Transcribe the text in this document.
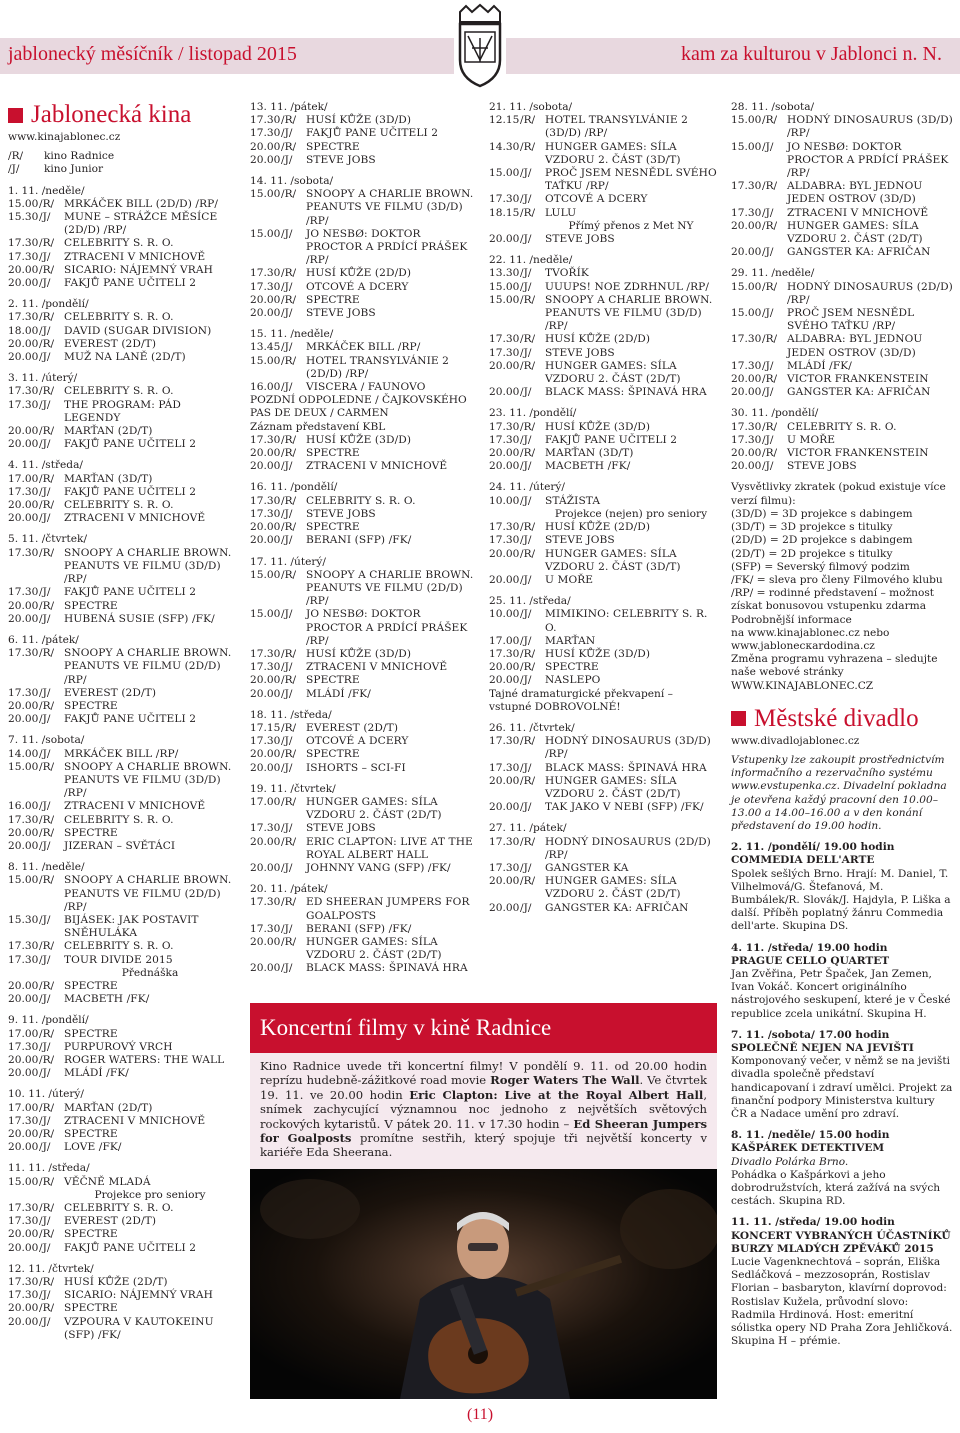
jablonecký měsíčník / listopad 2015	kam za kulturou v Jablonci n. N.
Jablonecká kina
www.kinajablonec.cz
/R/	kino Radnice
/J/	kino Junior
1. 11. /neděle/
15.00 /R/ MRKÁČEK BILL (2D/D) /RP/
15.30 /J/	MUNE – STRÁŽCE MĚSÍCE (2D/D) /RP/
17.30 /R/ CELEBRITY S. R. O.
17.30 /J/	ZTRACENI V MNICHOVĚ
20.00 /R/ SICARIO: NÁJEMNÝ VRAH
20.00 /J/	FAKJŮ PANE UČITELI 2
2. 11. /pondělí/
17.30 /R/ CELEBRITY S. R. O.
18.00 /J/	DAVID (SUGAR DIVISION)
20.00 /R/ EVEREST (2D/T)
20.00 /J/	MUŽ NA LANĚ (2D/T)
3. 11. /úterý/
17.30 /R/ CELEBRITY S. R. O.
17.30 /J/	THE PROGRAM: PÁD LEGENDY
20.00 /R/ MARŤAN (2D/T)
20.00 /J/	FAKJŮ PANE UČITELI 2
4. 11. /středa/
17.00 /R/ MARŤAN (3D/T)
17.30 /J/	FAKJŮ PANE UČITELI 2
20.00 /R/ CELEBRITY S. R. O.
20.00 /J/	ZTRACENI V MNICHOVĚ
5. 11. /čtvrtek/
17.30 /R/ SNOOPY A CHARLIE BROWN. PEANUTS VE FILMU (3D/D) /RP/
17.30 /J/	FAKJŮ PANE UČITELI 2
20.00 /R/ SPECTRE
20.00 /J/	HUBENÁ SUSIE (SFP) /FK/
6. 11. /pátek/
17.30 /R/ SNOOPY A CHARLIE BROWN. PEANUTS VE FILMU (2D/D) /RP/
17.30 /J/	EVEREST (2D/T)
20.00 /R/ SPECTRE
20.00 /J/	FAKJŮ PANE UČITELI 2
7. 11. /sobota/
14.00 /J/	MRKÁČEK BILL /RP/
15.00 /R/ SNOOPY A CHARLIE BROWN. PEANUTS VE FILMU (3D/D) /RP/
16.00 /J/	ZTRACENI V MNICHOVĚ
17.30 /R/ CELEBRITY S. R. O.
20.00 /R/ SPECTRE
20.00 /J/	JIZERAN – SVĚTÁCI
8. 11. /neděle/
15.00 /R/ SNOOPY A CHARLIE BROWN. PEANUTS VE FILMU (2D/D) /RP/
15.30 /J/	BIJÁSEK: JAK POSTAVIT SNĚHULÁKA
17.30 /R/ CELEBRITY S. R. O.
17.30 /J/	TOUR DIVIDE 2015
Přednáška
20.00 /R/ SPECTRE
20.00 /J/	MACBETH /FK/
9. 11. /pondělí/
17.00 /R/ SPECTRE
17.30 /J/	PURPUROVÝ VRCH
20.00 /R/ ROGER WATERS: THE WALL
20.00 /J/	MLÁDÍ /FK/
10. 11. /úterý/
17.00 /R/ MARŤAN (2D/T)
17.30 /J/	ZTRACENI V MNICHOVĚ
20.00 /R/ SPECTRE
20.00 /J/	LOVE /FK/
11. 11. /středa/
15.00 /R/ VĚČNĚ MLADÁ
Projekce pro seniory
17.30 /R/ CELEBRITY S. R. O.
17.30 /J/	EVEREST (2D/T)
20.00 /R/ SPECTRE
20.00 /J/	FAKJŮ PANE UČITELI 2
12. 11. /čtvrtek/
17.30 /R/ HUSÍ KŮŽE (2D/T)
17.30 /J/	SICARIO: NÁJEMNÝ VRAH
20.00 /R/ SPECTRE
20.00 /J/	VZPOURA V KAUTOKEINU (SFP) /FK/
13. 11. /pátek/
17.30 /R/ HUSÍ KŮŽE (3D/D)
17.30 /J/	FAKJŮ PANE UČITELI 2
20.00 /R/ SPECTRE
20.00 /J/	STEVE JOBS
14. 11. /sobota/
15.00 /R/ SNOOPY A CHARLIE BROWN. PEANUTS VE FILMU (3D/D) /RP/
15.00 /J/	JO NESBØ: DOKTOR PROCTOR A PRDÍCÍ PRÁŠEK /RP/
17.30 /R/ HUSÍ KŮŽE (2D/D)
17.30 /J/	OTCOVÉ A DCERY
20.00 /R/ SPECTRE
20.00 /J/	STEVE JOBS
15. 11. /neděle/
13.45 /J/	MRKÁČEK BILL /RP/
15.00 /R/ HOTEL TRANSYLVÁNIE 2 (2D/D) /RP/
16.00 /J/	VISCERA / FAUNOVO
POZDNÍ ODPOLEDNE / ČAJKOVSKÉHO PAS DE DEUX / CARMEN
Záznam představení KBL
17.30 /R/ HUSÍ KŮŽE (3D/D)
20.00 /R/ SPECTRE
20.00 /J/	ZTRACENI V MNICHOVĚ
16. 11. /pondělí/
17.30 /R/ CELEBRITY S. R. O.
17.30 /J/	STEVE JOBS
20.00 /R/ SPECTRE
20.00 /J/	BERANI (SFP) /FK/
17. 11. /úterý/
15.00 /R/ SNOOPY A CHARLIE BROWN. PEANUTS VE FILMU (2D/D) /RP/
15.00 /J/	JO NESBØ: DOKTOR PROCTOR A PRDÍCÍ PRÁŠEK /RP/
17.30 /R/ HUSÍ KŮŽE (3D/D)
17.30 /J/	ZTRACENI V MNICHOVĚ
20.00 /R/ SPECTRE
20.00 /J/	MLÁDÍ /FK/
18. 11. /středa/
17.15 /R/ EVEREST (2D/T)
17.30 /J/	OTCOVÉ A DCERY
20.00 /R/ SPECTRE
20.00 /J/	ISHORTS – SCI-FI
19. 11. /čtvrtek/
17.00 /R/ HUNGER GAMES: SÍLA VZDORU 2. ČÁST (2D/T)
17.30 /J/	STEVE JOBS
20.00 /R/ ERIC CLAPTON: LIVE AT THE ROYAL ALBERT HALL
20.00 /J/	JOHNNY VANG (SFP) /FK/
20. 11. /pátek/
17.30 /R/ ED SHEERAN JUMPERS FOR GOALPOSTS
17.30 /J/	BERANI (SFP) /FK/
20.00 /R/ HUNGER GAMES: SÍLA VZDORU 2. ČÁST (2D/T)
20.00 /J/	BLACK MASS: ŠPINAVÁ HRA
21. 11. /sobota/
12.15 /R/ HOTEL TRANSYLVÁNIE 2 (3D/D) /RP/
14.30 /R/ HUNGER GAMES: SÍLA VZDORU 2. ČÁST (3D/T)
15.00 /J/	PROČ JSEM NESNĚDL SVÉHO TAŤKU /RP/
17.30 /J/	OTCOVÉ A DCERY
18.15 /R/ LULU
Přímý přenos z Met NY
20.00 /J/	STEVE JOBS
22. 11. /neděle/
13.30 /J/	TVOŘÍK
15.00 /J/	UUUPS! NOE ZDRHNUL /RP/
15.00 /R/ SNOOPY A CHARLIE BROWN. PEANUTS VE FILMU (3D/D) /RP/
17.30 /R/ HUSÍ KŮŽE (2D/D)
17.30 /J/	STEVE JOBS
20.00 /R/ HUNGER GAMES: SÍLA VZDORU 2. ČÁST (2D/T)
20.00 /J/	BLACK MASS: ŠPINAVÁ HRA
23. 11. /pondělí/
17.30 /R/ HUSÍ KŮŽE (3D/D)
17.30 /J/	FAKJŮ PANE UČITELI 2
20.00 /R/ MARŤAN (3D/T)
20.00 /J/	MACBETH /FK/
24. 11. /úterý/
10.00 /J/	STÁŽISTA
Projekce (nejen) pro seniory
17.30 /R/ HUSÍ KŮŽE (2D/D)
17.30 /J/	STEVE JOBS
20.00 /R/ HUNGER GAMES: SÍLA VZDORU 2. ČÁST (3D/T)
20.00 /J/	U MOŘE
25. 11. /středa/
10.00 /J/	MIMIKINO: CELEBRITY S. R. O.
17.00 /J/	MARŤAN
17.30 /R/ HUSÍ KŮŽE (3D/D)
20.00 /R/ SPECTRE
20.00 /J/	NASLEPO
Tajné dramaturgické překvapení – vstupné DOBROVOLNÉ!
26. 11. /čtvrtek/
17.30 /R/ HODNÝ DINOSAURUS (3D/D) /RP/
17.30 /J/	BLACK MASS: ŠPINAVÁ HRA
20.00 /R/ HUNGER GAMES: SÍLA VZDORU 2. ČÁST (2D/T)
20.00 /J/	TAK JAKO V NEBI (SFP) /FK/
27. 11. /pátek/
17.30 /R/ HODNÝ DINOSAURUS (2D/D) /RP/
17.30 /J/	GANGSTER KA
20.00 /R/ HUNGER GAMES: SÍLA VZDORU 2. ČÁST (2D/T)
20.00 /J/	GANGSTER KA: AFRIČAN
28. 11. /sobota/
15.00 /R/ HODNÝ DINOSAURUS (3D/D) /RP/
15.00 /J/	JO NESBØ: DOKTOR PROCTOR A PRDÍCÍ PRÁŠEK /RP/
17.30 /R/ ALDABRA: BYL JEDNOU JEDEN OSTROV (3D/D)
17.30 /J/	ZTRACENI V MNICHOVĚ
20.00 /R/ HUNGER GAMES: SÍLA VZDORU 2. ČÁST (2D/T)
20.00 /J/	GANGSTER KA: AFRIČAN
29. 11. /neděle/
15.00 /R/ HODNÝ DINOSAURUS (2D/D) /RP/
15.00 /J/	PROČ JSEM NESNĚDL SVÉHO TAŤKU /RP/
17.30 /R/ ALDABRA: BYL JEDNOU JEDEN OSTROV (3D/D)
17.30 /J/	MLÁDÍ /FK/
20.00 /R/ VICTOR FRANKENSTEIN
20.00 /J/	GANGSTER KA: AFRIČAN
30. 11. /pondělí/
17.30 /R/ CELEBRITY S. R. O.
17.30 /J/	U MOŘE
20.00 /R/ VICTOR FRANKENSTEIN
20.00 /J/	STEVE JOBS
Vysvětlivky zkratek (pokud existuje více verzí filmu):
(3D/D) = 3D projekce s dabingem
(3D/T) = 3D projekce s titulky
(2D/D) = 2D projekce s dabingem
(2D/T) = 2D projekce s titulky
(SFP) = Severský filmový podzim
/FK/ = sleva pro členy Filmového klubu
/RP/ = rodinné představení – možnost získat bonusovou vstupenku zdarma
Podrobnější informace
na www.kinajablonec.cz nebo
www.jablonecкardodina.cz
Změna programu vyhrazena – sledujte naše webové stránky
WWW.KINAJABLONEC.CZ
Městské divadlo
www.divadlojablonec.cz
Vstupenky lze zakoupit prostřednictvím informačního a rezervačního systému www.evstupenka.cz. Divadelní pokladna je otevřena každý pracovní den 10.00–13.00 a 14.00–16.00 a v den konání představení do 19.00 hodin.
2. 11. /pondělí/ 19.00 hodin
COMMEDIA DELL'ARTE
Spolek sešlých Brno. Hrají: M. Daniel, T. Vilhelmová/G. Štefanová, M. Bumbálek/R. Slovák/J. Hajdyla, P. Liška a další. Příběh poplatný žánru Commedia dell'arte. Skupina DS.
4. 11. /středa/ 19.00 hodin
PRAGUE CELLO QUARTET
Jan Zvěřina, Petr Špaček, Jan Zemen, Ivan Vokáč. Koncert originálního nástrojového seskupení, které je v České republice zcela unikátní. Skupina H.
7. 11. /sobota/ 17.00 hodin
SPOLEČNĚ NEJEN NA JEVIŠTI
Komponovaný večer, v němž se na jevišti divadla společně představí handicapovaní i zdraví umělci. Projekt za finanční podpory Ministerstva kultury ČR a Nadace umění pro zdraví.
8. 11. /neděle/ 15.00 hodin
KAŠPÁREK DETEKTIVEM
Divadlo Polárka Brno.
Pohádka o Kašpárkovi a jeho dobrodružstvích, která zažívá na svých cestách. Skupina RD.
11. 11. /středa/ 19.00 hodin
KONCERT VYBRANÝCH ÚČASTNÍKŮ BURZY MLADÝCH ZPĚVÁKŮ 2015
Lucie Vagenknechtová – soprán, Eliška Sedláčková – mezzosoprán, Rostislav Florian – basbaryton, klavírní doprovod: Rostislav Kužela, průvodní slovo: Radmila Hrdinová. Host: emeritní sólistka opery ND Praha Zora Jehličková. Skupina H – pŕémie.
Koncertní filmy v kině Radnice
Kino Radnice uvede tři koncertní filmy! V pondělí 9. 11. od 20.00 hodin reprízu hudebně-zážitkové road movie Roger Waters The Wall. Ve čtvrtek 19. 11. ve 20.00 hodin Eric Clapton: Live at the Royal Albert Hall, snímek zachycující významnou noc jednoho z největších světových rockových kytaristů. V pátek 20. 11. v 17.30 hodin – Ed Sheeran Jumpers for Goalposts promítne sestřih, který spojuje tři největší koncerty v kariéře Eda Sheerana.
(11)
